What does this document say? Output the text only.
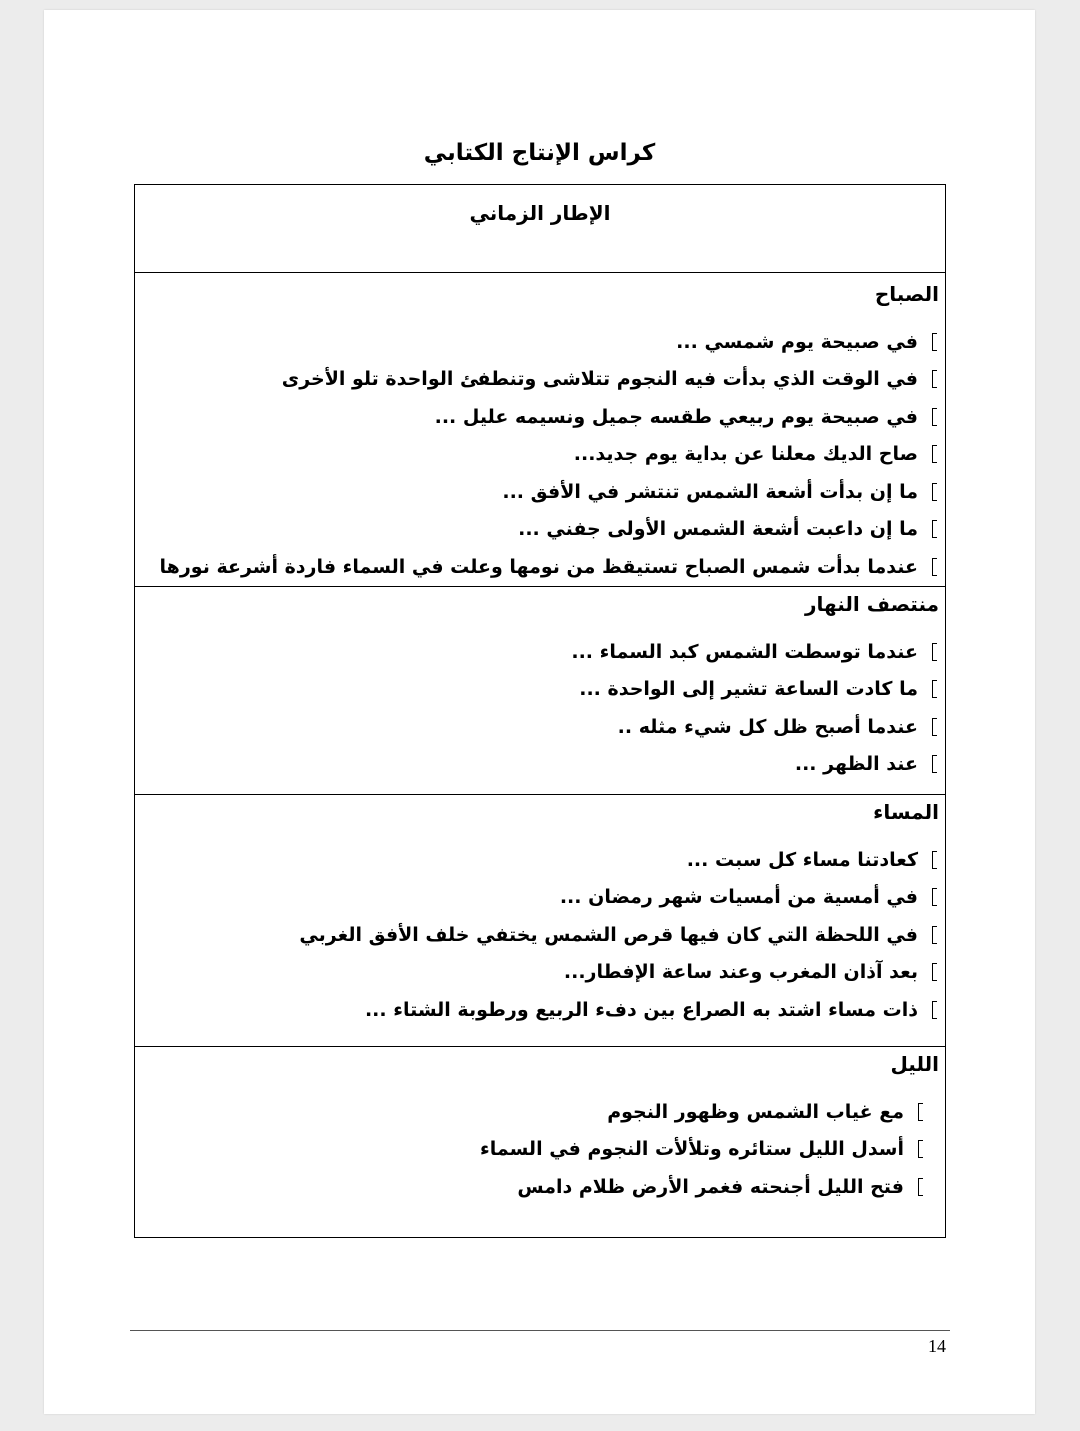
كراس الإنتاج الكتابي
الإطار الزماني
الصباح
في صبيحة يوم شمسي ...
في الوقت الذي بدأت فيه النجوم تتلاشى وتنطفئ الواحدة تلو الأخرى
في صبيحة يوم ربيعي طقسه جميل ونسيمه عليل ...
صاح الديك معلنا عن بداية يوم جديد...
ما إن بدأت أشعة الشمس تنتشر في الأفق ...
ما إن داعبت أشعة الشمس الأولى جفني ...
عندما بدأت شمس الصباح تستيقظ من نومها وعلت في السماء فاردة أشرعة نورها
منتصف النهار
عندما توسطت الشمس كبد السماء ...
ما كادت الساعة تشير إلى الواحدة ...
عندما أصبح ظل كل شيء مثله ..
عند الظهر ...
المساء
كعادتنا مساء كل سبت ...
في أمسية من أمسيات شهر رمضان ...
في اللحظة التي كان فيها قرص الشمس يختفي خلف الأفق الغربي
بعد آذان المغرب وعند ساعة الإفطار...
ذات مساء اشتد به الصراع بين دفء الربيع ورطوبة الشتاء ...
الليل
مع غياب الشمس وظهور النجوم
أسدل الليل ستائره وتلألأت النجوم في السماء
فتح الليل أجنحته فغمر الأرض ظلام دامس
14
